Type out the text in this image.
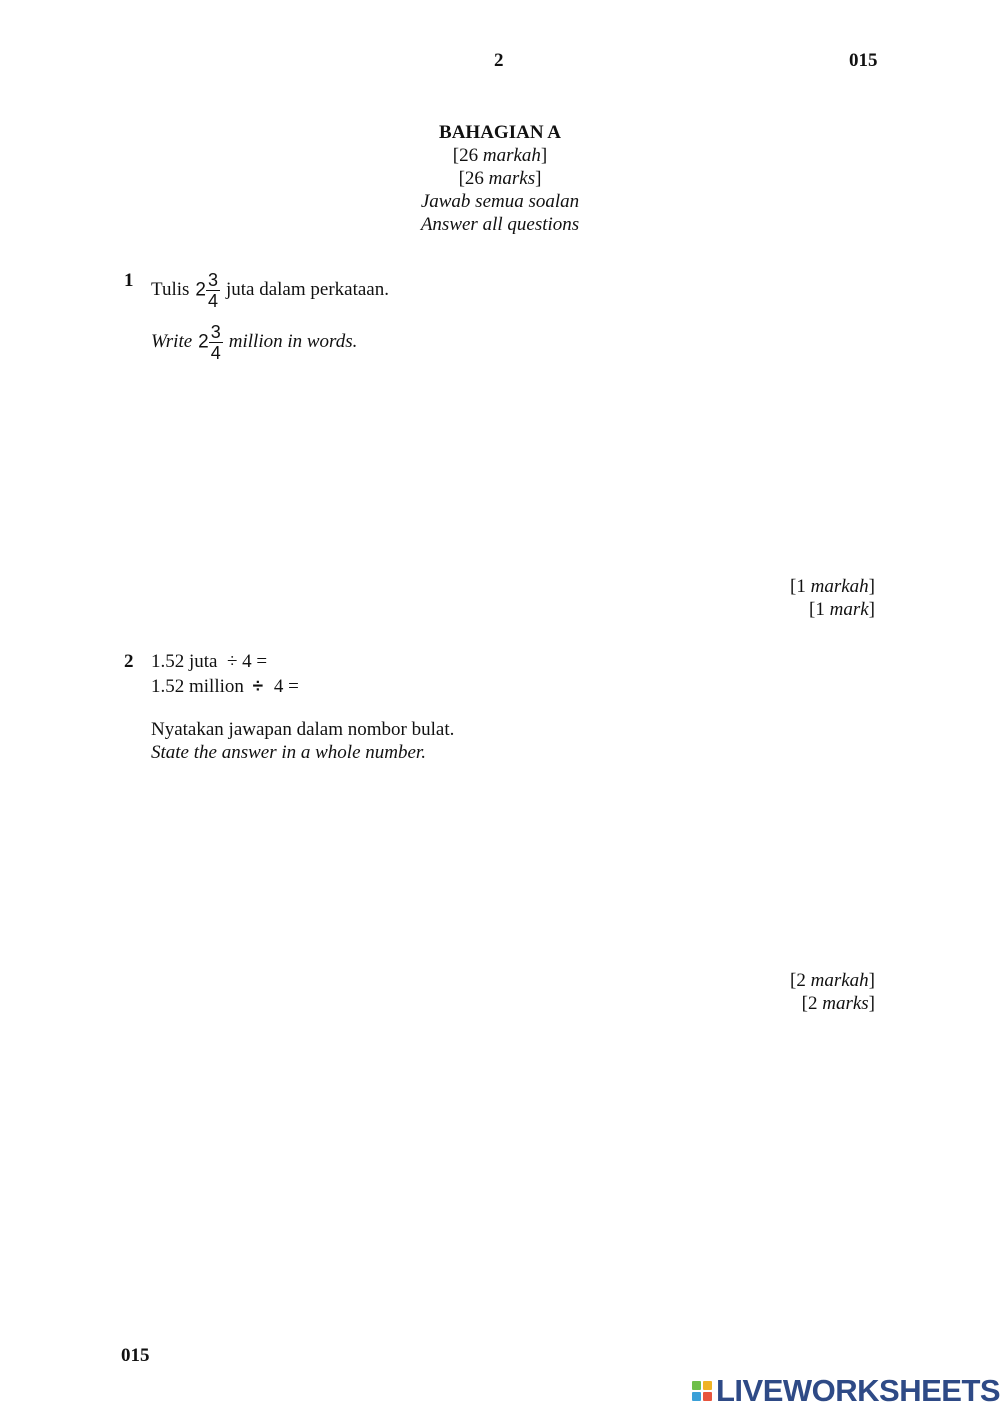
2	015
BAHAGIAN A
[26 markah]
[26 marks]
Jawab semua soalan
Answer all questions
1 Tulis $2 \frac{3}{4}$ juta dalam perkataan.
Write $2 \frac{3}{4}$ million in words.
[1 markah]
[1 mark]
2 1.52 juta  ÷ 4 =
1.52 million ÷ 4 =
Nyatakan jawapan dalam nombor bulat.
State the answer in a whole number.
[2 markah]
[2 marks]
015
LIVEWORKSHEETS
